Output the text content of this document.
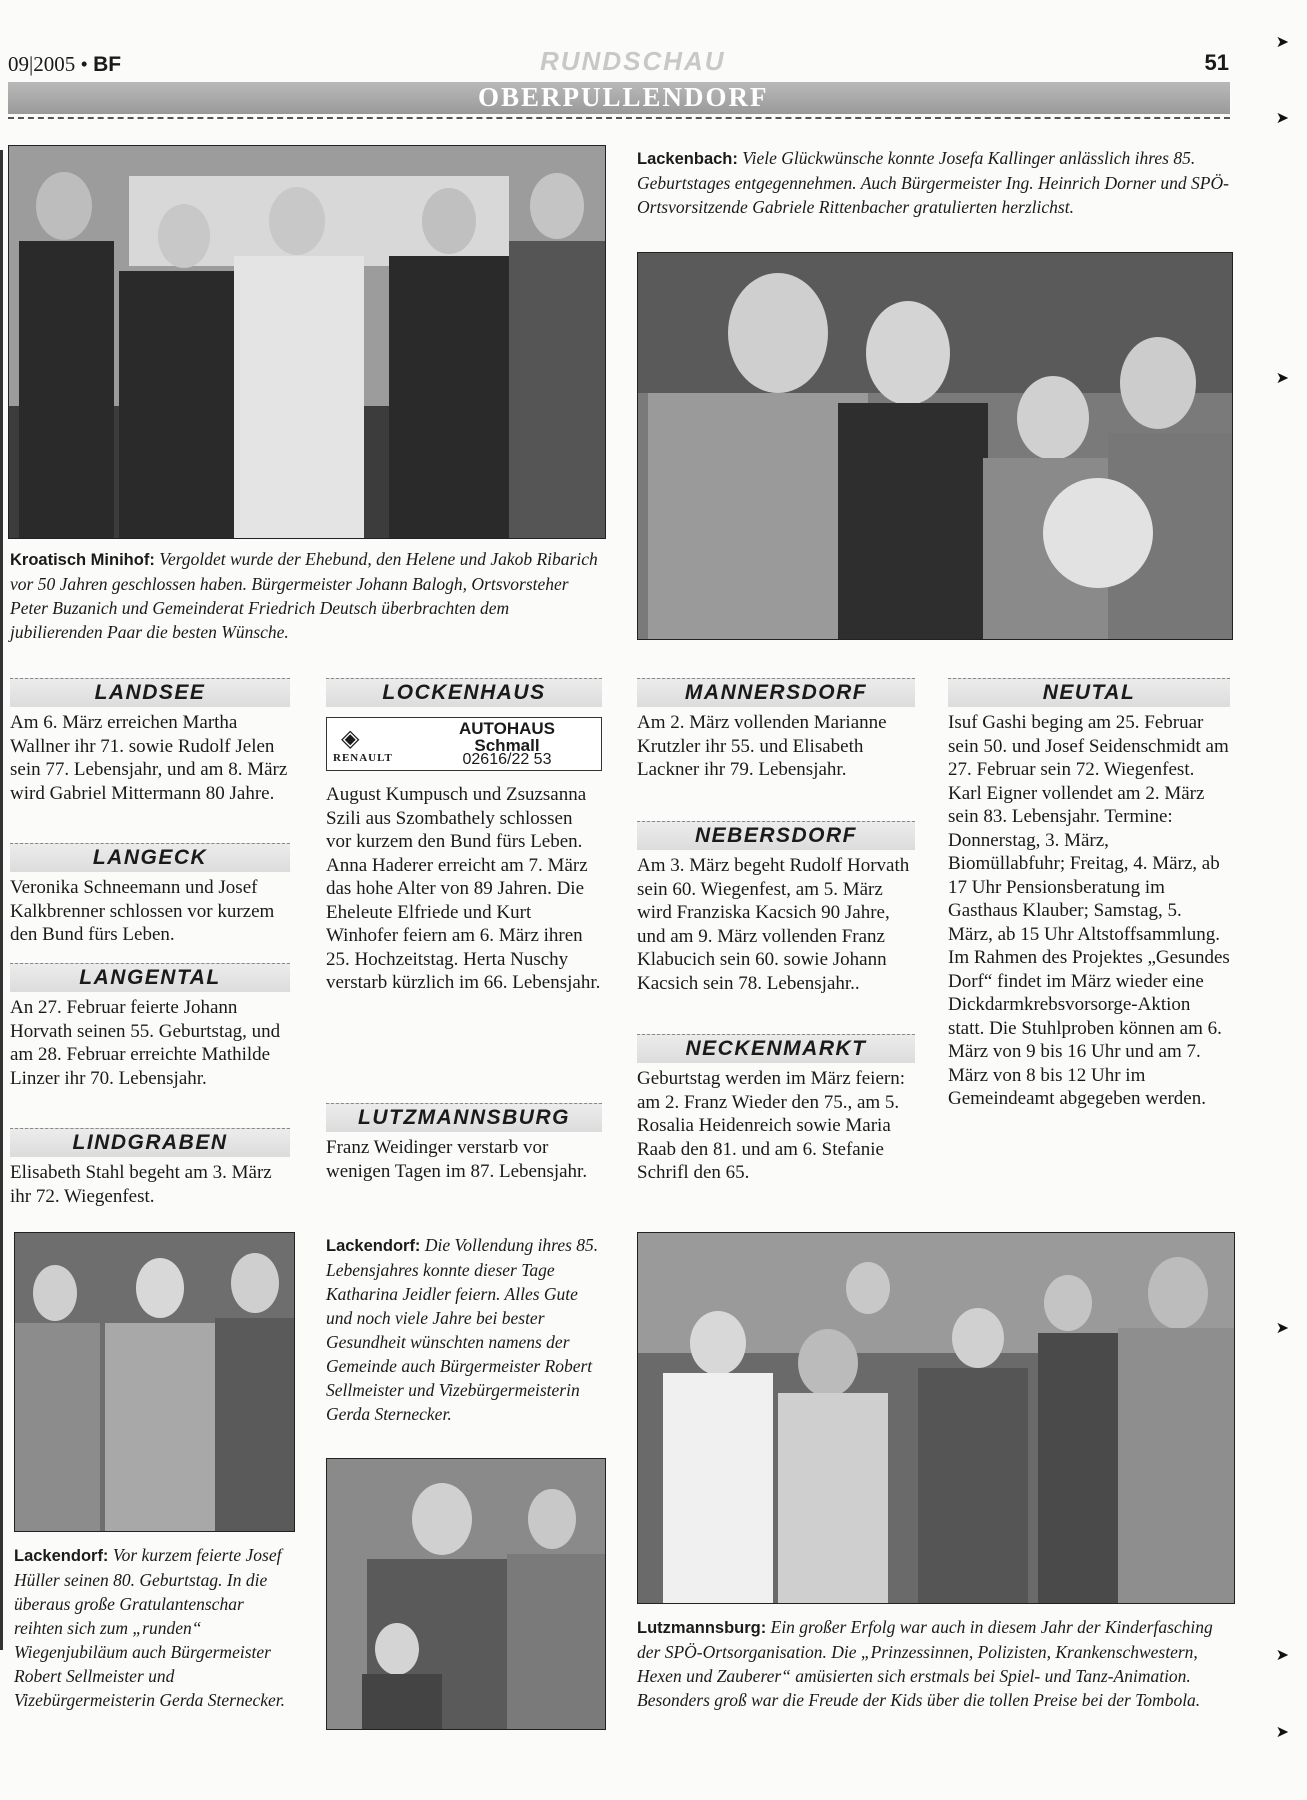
09|2005 • BF	RUNDSCHAU	51
OBERPULLENDORF
Kroatisch Minihof: Vergoldet wurde der Ehebund, den Helene und Jakob Ribarich vor 50 Jahren geschlossen haben. Bürgermeister Johann Balogh, Ortsvorsteher Peter Buzanich und Gemeinderat Friedrich Deutsch überbrachten dem jubilierenden Paar die besten Wünsche.
Lackenbach: Viele Glückwünsche konnte Josefa Kallinger anlässlich ihres 85. Geburtstages entgegennehmen. Auch Bürgermeister Ing. Heinrich Dorner und SPÖ-Ortsvorsitzende Gabriele Rittenbacher gratulierten herzlichst.
LANDSEE
Am 6. März erreichen Martha Wallner ihr 71. sowie Rudolf Jelen sein 77. Lebensjahr, und am 8. März wird Gabriel Mittermann 80 Jahre.
LANGECK
Veronika Schneemann und Josef Kalkbrenner schlossen vor kurzem den Bund fürs Leben.
LANGENTAL
An 27. Februar feierte Johann Horvath seinen 55. Geburtstag, und am 28. Februar erreichte Mathilde Linzer ihr 70. Lebensjahr.
LINDGRABEN
Elisabeth Stahl begeht am 3. März ihr 72. Wiegenfest.
LOCKENHAUS
◈
RENAULT
AUTOHAUS
Schmall
02616/22 53
August Kumpusch und Zsuzsanna Szili aus Szombathely schlossen vor kurzem den Bund fürs Leben. Anna Haderer erreicht am 7. März das hohe Alter von 89 Jahren. Die Eheleute Elfriede und Kurt Winhofer feiern am 6. März ihren 25. Hochzeitstag. Herta Nuschy verstarb kürzlich im 66. Lebensjahr.
LUTZMANNSBURG
Franz Weidinger verstarb vor wenigen Tagen im 87. Lebensjahr.
MANNERSDORF
Am 2. März vollenden Marianne Krutzler ihr 55. und Elisabeth Lackner ihr 79. Lebensjahr.
NEBERSDORF
Am 3. März begeht Rudolf Horvath sein 60. Wiegenfest, am 5. März wird Franziska Kacsich 90 Jahre, und am 9. März vollenden Franz Klabucich sein 60. sowie Johann Kacsich sein 78. Lebensjahr..
NECKENMARKT
Geburtstag werden im März feiern: am 2. Franz Wieder den 75., am 5. Rosalia Heidenreich sowie Maria Raab den 81. und am 6. Stefanie Schrifl den 65.
NEUTAL
Isuf Gashi beging am 25. Februar sein 50. und Josef Seidenschmidt am 27. Februar sein 72. Wiegenfest. Karl Eigner vollendet am 2. März sein 83. Lebensjahr. Termine: Donnerstag, 3. März, Biomüllabfuhr; Freitag, 4. März, ab 17 Uhr Pensionsberatung im Gasthaus Klauber; Samstag, 5. März, ab 15 Uhr Altstoffsammlung. Im Rahmen des Projektes „Gesundes Dorf“ findet im März wieder eine Dickdarmkrebsvorsorge-Aktion statt. Die Stuhlproben können am 6. März von 9 bis 16 Uhr und am 7. März von 8 bis 12 Uhr im Gemeindeamt abgegeben werden.
Lackendorf: Vor kurzem feierte Josef Hüller seinen 80. Geburtstag. In die überaus große Gratulantenschar reihten sich zum „runden“ Wiegenjubiläum auch Bürgermeister Robert Sellmeister und Vizebürgermeisterin Gerda Sternecker.
Lackendorf: Die Vollendung ihres 85. Lebensjahres konnte dieser Tage Katharina Jeidler feiern. Alles Gute und noch viele Jahre bei bester Gesundheit wünschten namens der Gemeinde auch Bürgermeister Robert Sellmeister und Vizebürgermeisterin Gerda Sternecker.
Lutzmannsburg: Ein großer Erfolg war auch in diesem Jahr der Kinderfasching der SPÖ-Ortsorganisation. Die „Prinzessinnen, Polizisten, Krankenschwestern, Hexen und Zauberer“ amüsierten sich erstmals bei Spiel- und Tanz-Animation. Besonders groß war die Freude der Kids über die tollen Preise bei der Tombola.
➤
➤
➤
➤
➤
➤
